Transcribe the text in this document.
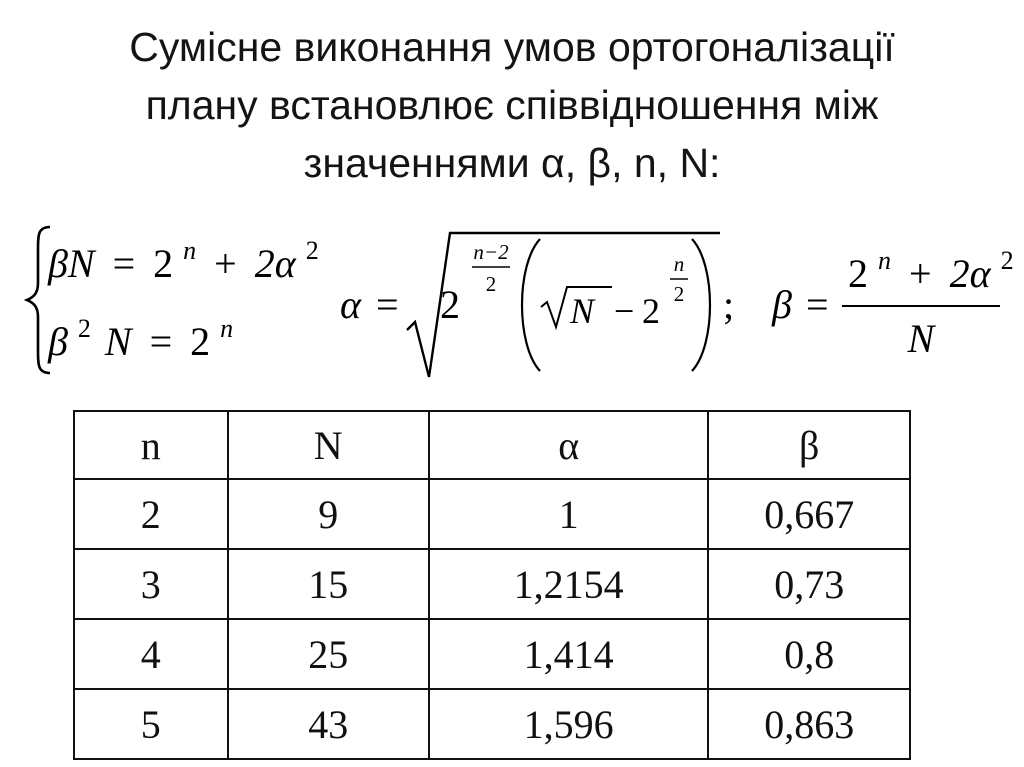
Сумісне виконання умов ортогоналізації
плану встановлює співвідношення між
значеннями α, β, n, N:
βN = 2 $^n$ + 2α $^2$
β $^2$ N = 2 $^n$
α = 2
n−2
2
N − 2
n
2 ; β =
2 $^n$ + 2α $^2$
N
n	N	α	β
2	9	1	0,667
3	15	1,2154	0,73
4	25	1,414	0,8
5	43	1,596	0,863
